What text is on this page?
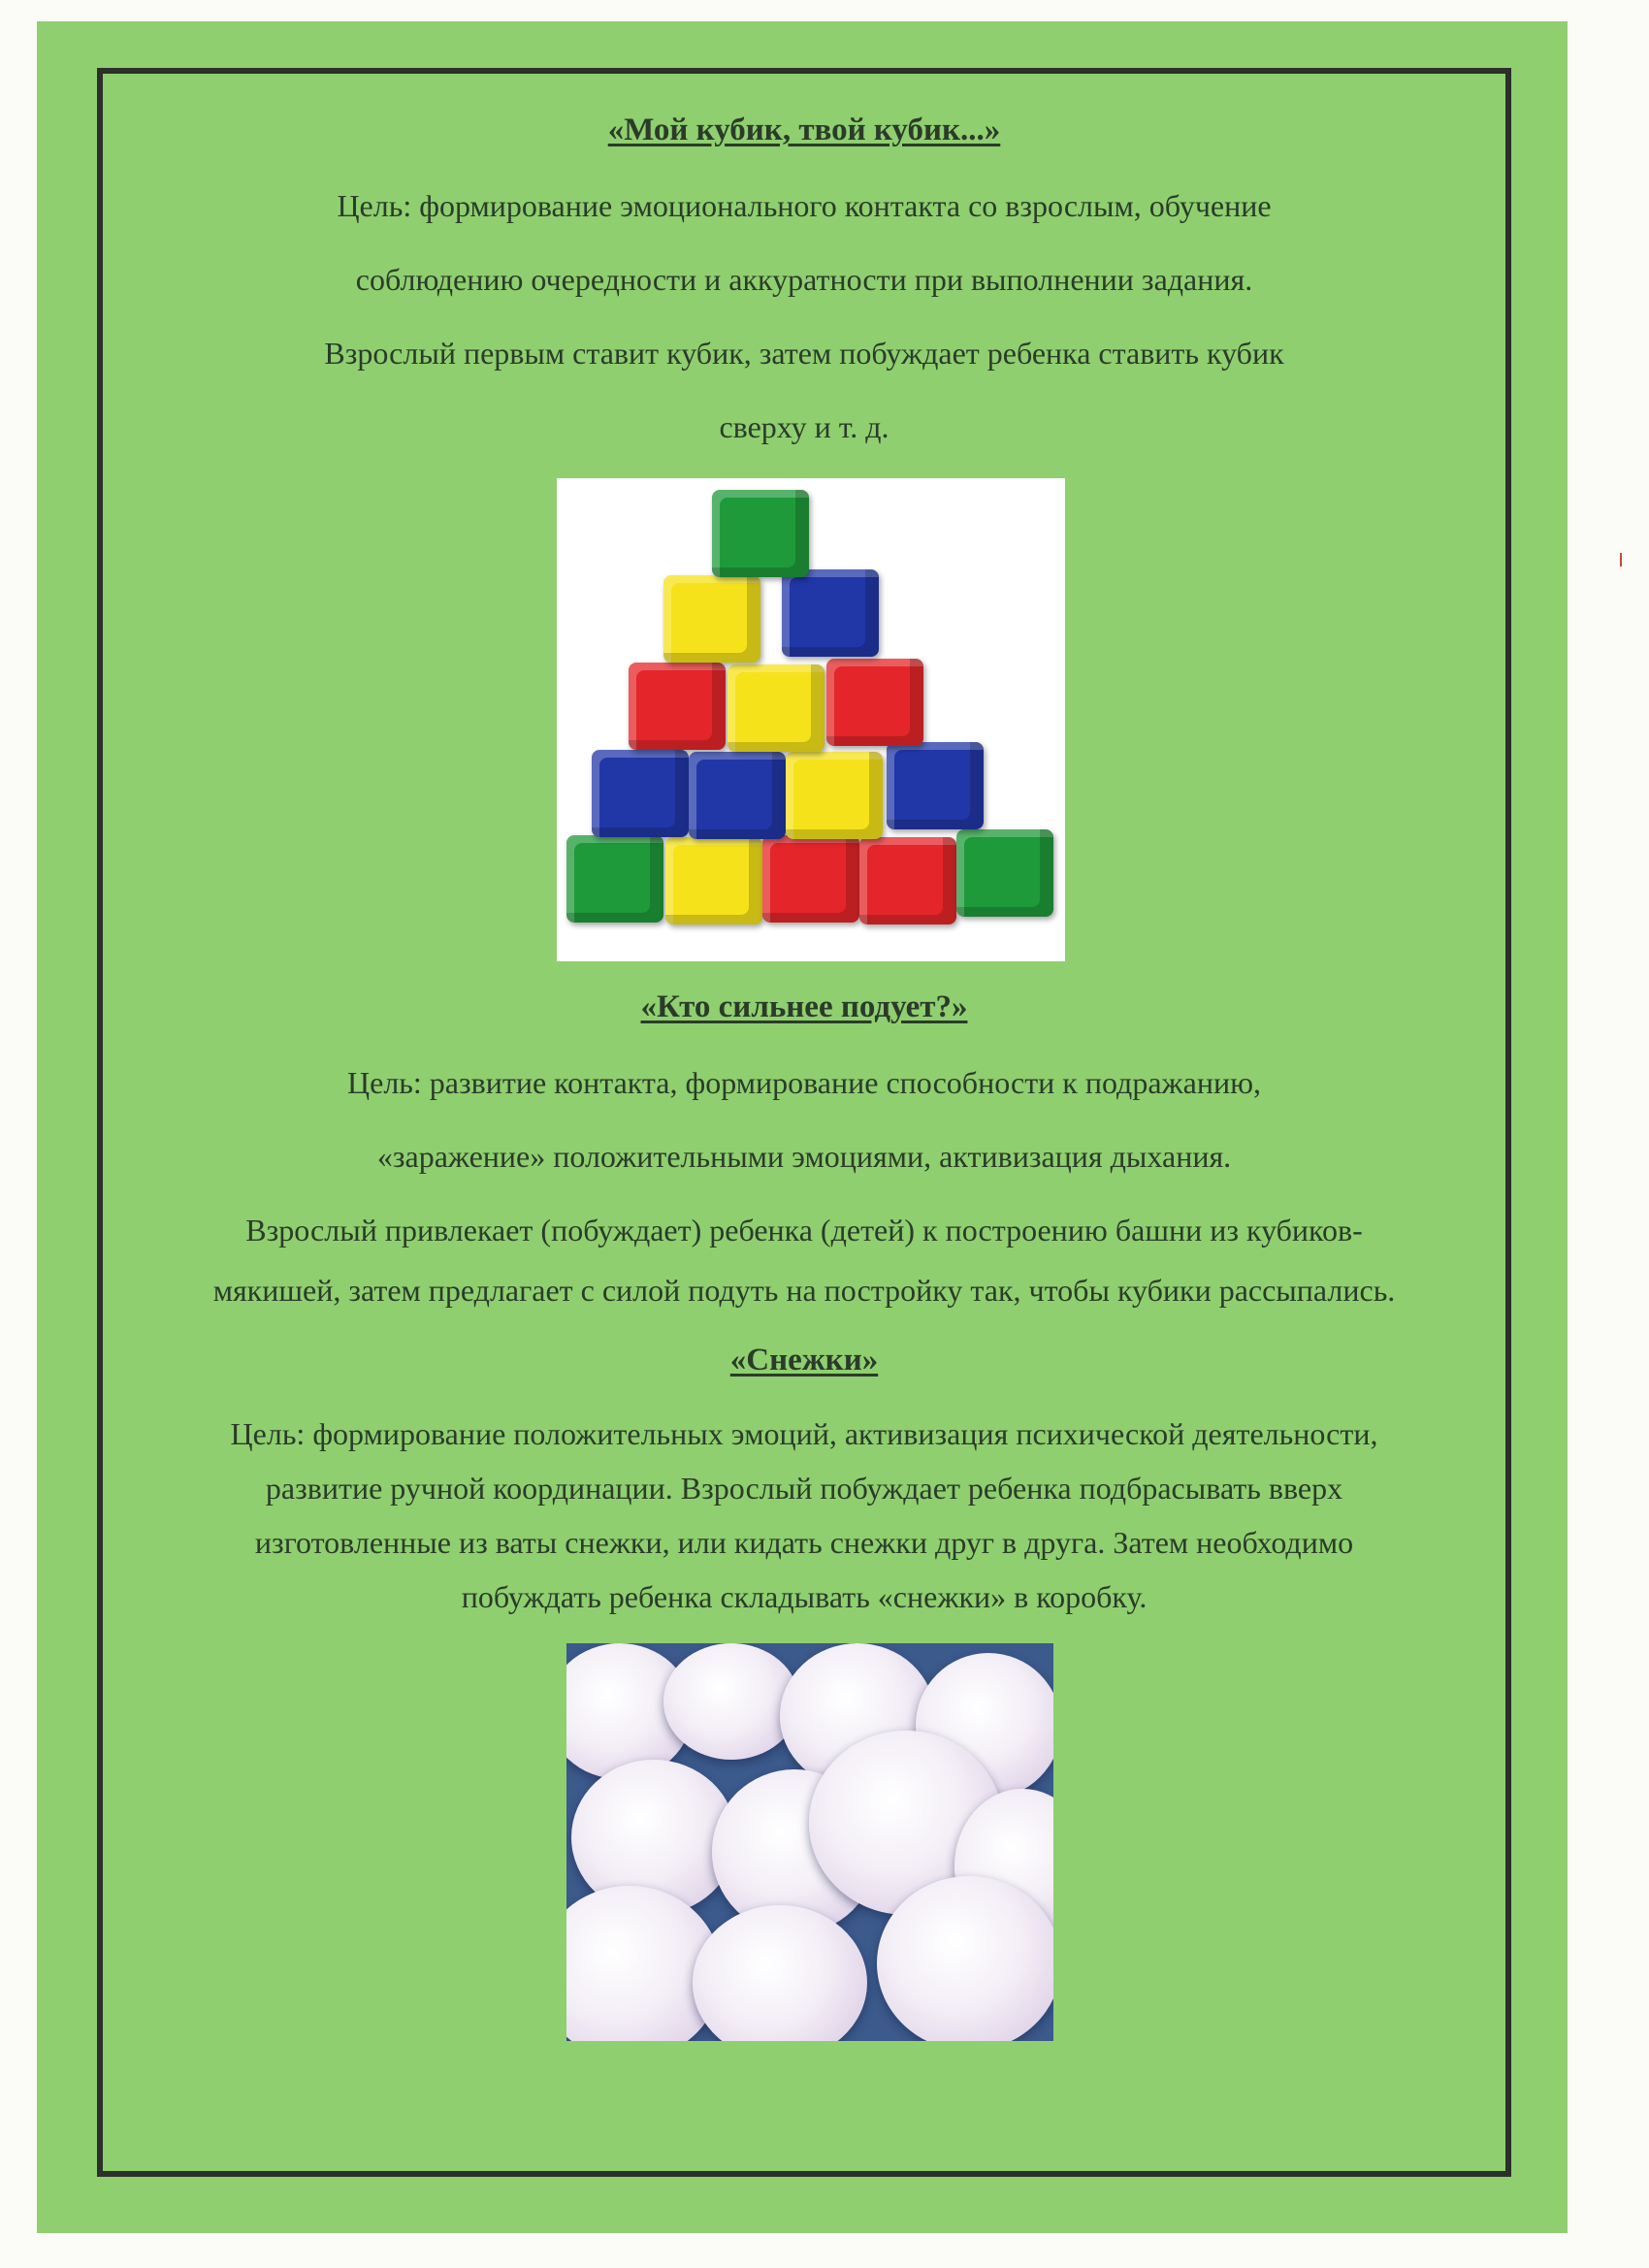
«Мой кубик, твой кубик...»
Цель: формирование эмоционального контакта со взрослым, обучение
соблюдению очередности и аккуратности при выполнении задания.
Взрослый первым ставит кубик, затем побуждает ребенка ставить кубик
сверху и т. д.
«Кто сильнее подует?»
Цель: развитие контакта, формирование способности к подражанию,
«заражение» положительными эмоциями, активизация дыхания.
Взрослый привлекает (побуждает) ребенка (детей) к построению башни из кубиков-
мякишей, затем предлагает с силой подуть на постройку так, чтобы кубики рассыпались.
«Снежки»
Цель: формирование положительных эмоций, активизация психической деятельности,
развитие ручной координации. Взрослый побуждает ребенка подбрасывать вверх
изготовленные из ваты снежки, или кидать снежки друг в друга. Затем необходимо
побуждать ребенка складывать «снежки» в коробку.
